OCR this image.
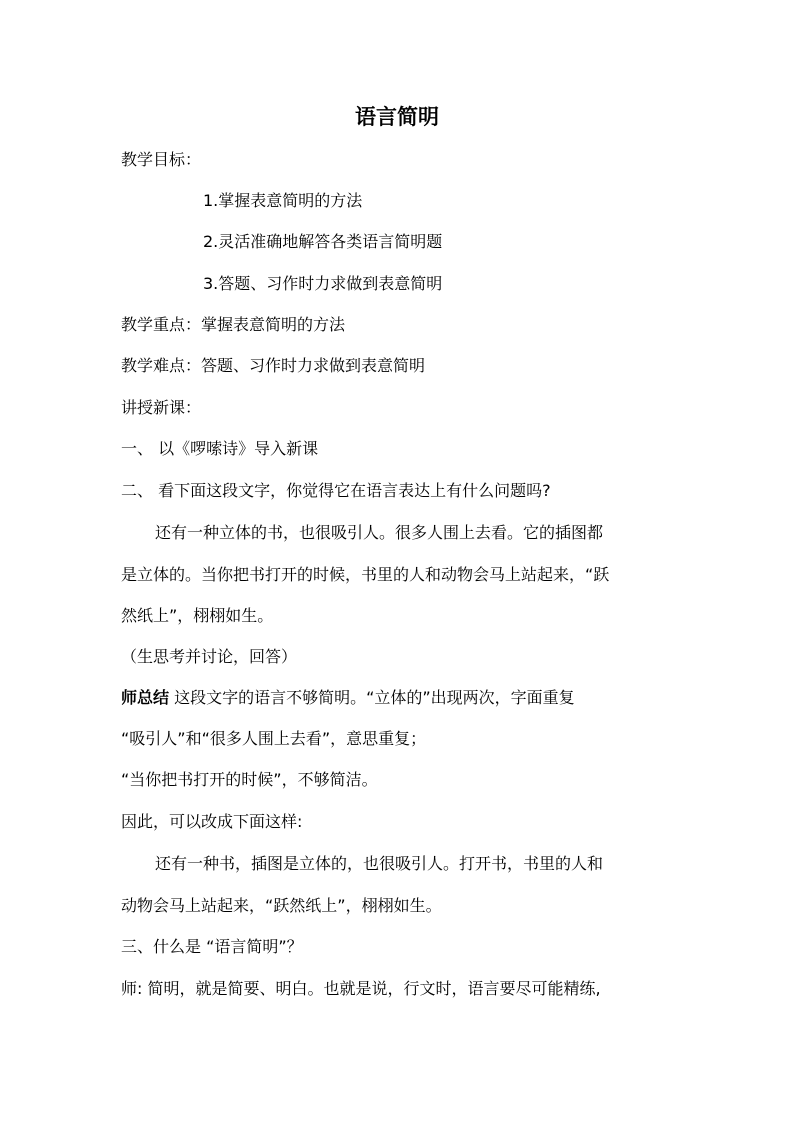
语言简明
教学目标：
1.掌握表意简明的方法
2.灵活准确地解答各类语言简明题
3.答题、习作时力求做到表意简明
教学重点：掌握表意简明的方法
教学难点：答题、习作时力求做到表意简明
讲授新课：
一、 以《啰嗦诗》导入新课
二、 看下面这段文字，你觉得它在语言表达上有什么问题吗?
还有一种立体的书，也很吸引人。很多人围上去看。它的插图都
是立体的。当你把书打开的时候，书里的人和动物会马上站起来，“跃
然纸上”，栩栩如生。
（生思考并讨论，回答）
师总结 这段文字的语言不够简明。“立体的”出现两次，字面重复
“吸引人”和“很多人围上去看”，意思重复；
“当你把书打开的时候”，不够简洁。
因此，可以改成下面这样:
还有一种书，插图是立体的，也很吸引人。打开书，书里的人和
动物会马上站起来，“跃然纸上”，栩栩如生。
三、什么是 “语言简明”？
师: 简明，就是简要、明白。也就是说，行文时，语言要尽可能精练,
